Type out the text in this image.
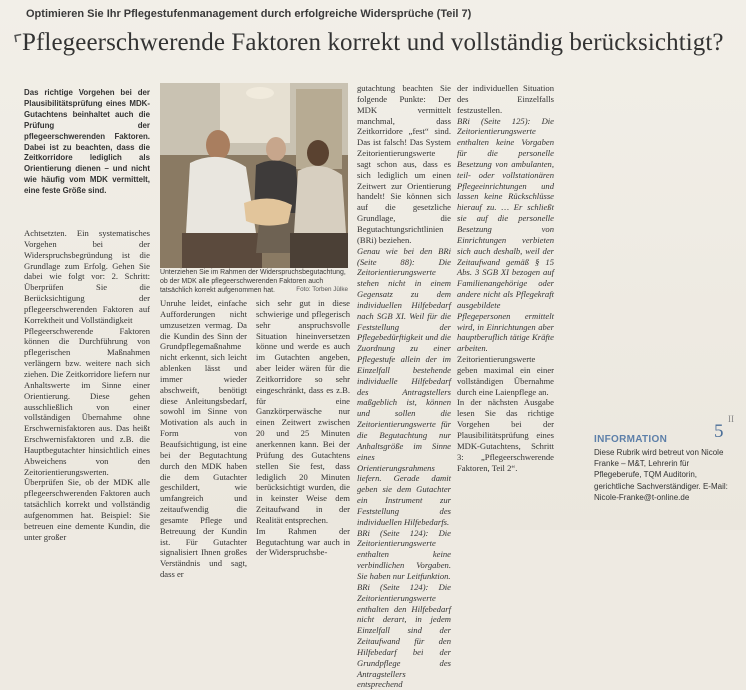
⌜
Optimieren Sie Ihr Pflegestufenmanagement durch erfolgreiche Widersprüche (Teil 7)
Pflegeerschwerende Faktoren korrekt und vollständig berücksichtigt?

Das richtige Vorgehen bei der Plausibilitätsprüfung eines MDK-Gutachtens beinhaltet auch die Prüfung der pflegeerschwerenden Faktoren. Dabei ist zu beachten, dass die Zeitkorridore lediglich als Orientierung dienen – und nicht wie häufig vom MDK vermittelt, eine feste Größe sind.

Achtsetzten. Ein systematisches Vorgehen bei der Widerspruchsbegründung ist die Grundlage zum Erfolg. Gehen Sie dabei wie folgt vor: 2. Schritt: Überprüfen Sie die Berücksichtigung der pflegeerschwerenden Faktoren auf Korrektheit und Vollständigkeit

Pflegeerschwerende Faktoren können die Durchführung von pflegerischen Maßnahmen verlängern bzw. weitere nach sich ziehen. Die Zeitkorridore liefern nur Anhaltswerte im Sinne einer Orientierung. Diese gehen ausschließlich von einer vollständigen Übernahme ohne Erschwernisfaktoren aus. Das heißt Erschwernisfaktoren und z.B. die Hauptbegutachter hinsichtlich eines Abweichens von den Zeitorientierungswerten.

Überprüfen Sie, ob der MDK alle pflegeerschwerenden Faktoren auch tatsächlich korrekt und vollständig aufgenommen hat. Beispiel: Sie betreuen eine demente Kundin, die unter großer

Unterziehen Sie im Rahmen der Widerspruchsbegutachtung, ob der MDK alle pflegeerschwerenden Faktoren auch tatsächlich korrekt aufgenommen hat.	Foto: Torben Jülke

Unruhe leidet, einfache Aufforderungen nicht umzusetzen vermag. Da die Kundin des Sinn der Grundpflegemaßnahme nicht erkennt, sich leicht ablenken lässt und immer wieder abschweift, benötigt diese Anleitungsbedarf, sowohl im Sinne von Motivation als auch in Form von Beaufsichtigung, ist eine bei der Begutachtung durch den MDK haben die dem Gutachter geschildert, wie umfangreich und zeitaufwendig die gesamte Pflege und Betreuung der Kundin ist. Für Gutachter signalisiert Ihnen großes Verständnis und sagt, dass er

sich sehr gut in diese schwierige und pflegerisch sehr anspruchsvolle Situation hineinversetzen könne und werde es auch im Gutachten angeben, aber leider wären für die Zeitkorridore so sehr eingeschränkt, dass es z.B. für eine Ganzkörperwäsche nur einen Zeitwert zwischen 20 und 25 Minuten anerkennen kann. Bei der Prüfung des Gutachtens stellen Sie fest, dass lediglich 20 Minuten berücksichtigt wurden, die in keinster Weise dem Zeitaufwand in der Realität entsprechen.

Im Rahmen der Begutachtung war auch in der Widerspruchsbe-

gutachtung beachten Sie folgende Punkte: Der MDK vermittelt manchmal, dass Zeitkorridore „fest“ sind. Das ist falsch! Das System Zeitorientierungswerte sagt schon aus, dass es sich lediglich um einen Zeitwert zur Orientierung handelt! Sie können sich auf die gesetzliche Grundlage, die Begutachtungsrichtlinien (BRi) beziehen.

Genau wie bei den BRi (Seite 88): Die Zeitorientierungswerte stehen nicht in einem Gegensatz zu dem individuellen Hilfebedarf nach SGB XI. Weil für die Feststellung der Pflegebedürftigkeit und die Zuordnung zu einer Pflegestufe allein der im Einzelfall bestehende individuelle Hilfebedarf des Antragstellers maßgeblich ist, können und sollen die Zeitorientierungswerte für die Begutachtung nur Anhaltsgröße im Sinne eines Orientierungsrahmens liefern. Gerade damit geben sie dem Gutachter ein Instrument zur Feststellung des individuellen Hilfebedarfs.

BRi (Seite 124): Die Zeitorientierungswerte enthalten keine verbindlichen Vorgaben. Sie haben nur Leitfunktion.

BRi (Seite 124): Die Zeitorientierungswerte enthalten den Hilfebedarf nicht derart, in jedem Einzelfall sind der Zeitaufwand für den Hilfebedarf bei der Grundpflege des Antragstellers entsprechend

der individuellen Situation des Einzelfalls festzustellen.

BRi (Seite 125): Die Zeitorientierungswerte enthalten keine Vorgaben für die personelle Besetzung von ambulanten, teil- oder vollstationären Pflegeeinrichtungen und lassen keine Rückschlüsse hierauf zu. … Er schließt sie auf die personelle Besetzung von Einrichtungen verbieten sich auch deshalb, weil der Zeitaufwand gemäß § 15 Abs. 3 SGB XI bezogen auf Familienangehörige oder andere nicht als Pflegekraft ausgebildete Pflegepersonen ermittelt wird, in Einrichtungen aber hauptberuflich tätige Kräfte arbeiten.

Zeitorientierungswerte geben maximal ein einer vollständigen Übernahme durch eine Laienpflege an.

In der nächsten Ausgabe lesen Sie das richtige Vorgehen bei der Plausibilitätsprüfung eines MDK-Gutachtens, Schritt 3: „Pflegeerschwerende Faktoren, Teil 2“.

INFORMATION
Diese Rubrik wird betreut von Nicole Franke – M&T, Lehrerin für Pflegeberufe, TQM Auditorin, gerichtliche Sachverständiger. E-Mail: Nicole-Franke@t-online.de
5
II
